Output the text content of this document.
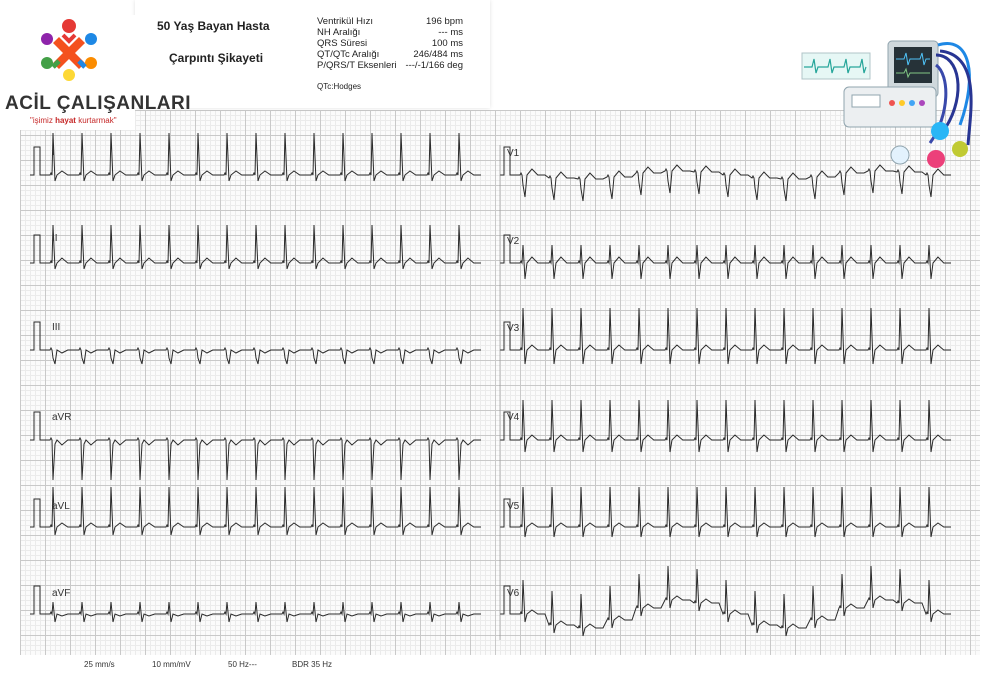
I
II
III
aVR
aVL
aVF
V1
V2
V3
V4
V5
V6
50 Yaş Bayan Hasta
Çarpıntı Şikayeti
Ventrikül Hızı	196 bpm
NH Aralığı	--- ms
QRS Süresi	100 ms
QT/QTc Aralığı	246/484 ms
P/QRS/T Eksenleri ---/-1/166 deg
QTc:Hodges
ACİL ÇALIŞANLARI
"işimiz hayat kurtarmak"
25 mm/s	10 mm/mV	50 Hz---	BDR 35 Hz
